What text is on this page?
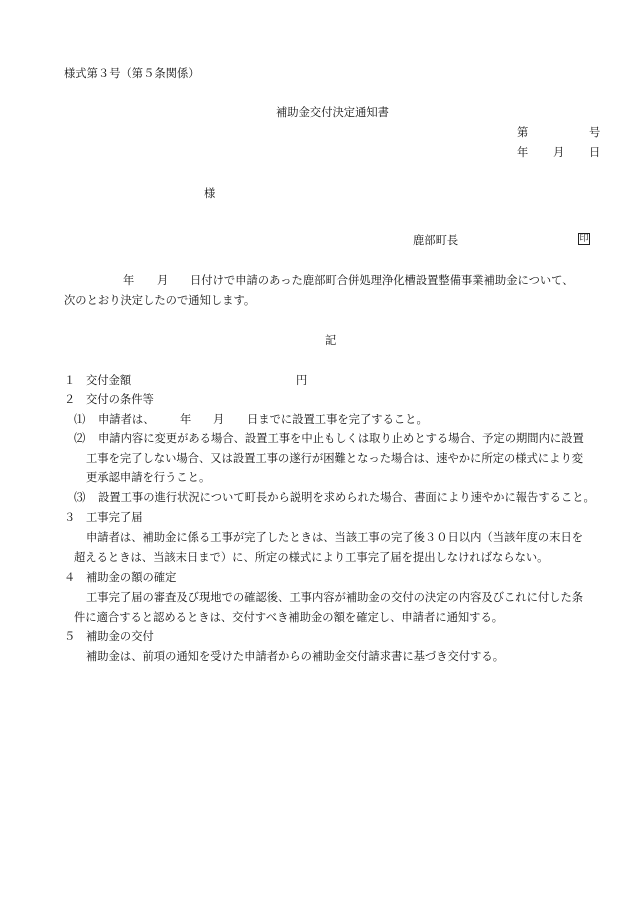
様式第３号（第５条関係）
補助金交付決定通知書
第	号
年 月 日
様
鹿部町長	印
年 月 日付けで申請のあった鹿部町合併処理浄化槽設置整備事業補助金について、
次のとおり決定したので通知します。
記
１ 交付金額	円
２ 交付の条件等
⑴ 申請者は、 年 月 日までに設置工事を完了すること。
⑵ 申請内容に変更がある場合、設置工事を中止もしくは取り止めとする場合、予定の期間内に設置
工事を完了しない場合、又は設置工事の遂行が困難となった場合は、速やかに所定の様式により変
更承認申請を行うこと。
⑶ 設置工事の進行状況について町長から説明を求められた場合、書面により速やかに報告すること。
３ 工事完了届
申請者は、補助金に係る工事が完了したときは、当該工事の完了後３０日以内（当該年度の末日を
超えるときは、当該末日まで）に、所定の様式により工事完了届を提出しなければならない。
４ 補助金の額の確定
工事完了届の審査及び現地での確認後、工事内容が補助金の交付の決定の内容及びこれに付した条
件に適合すると認めるときは、交付すべき補助金の額を確定し、申請者に通知する。
５ 補助金の交付
補助金は、前項の通知を受けた申請者からの補助金交付請求書に基づき交付する。
